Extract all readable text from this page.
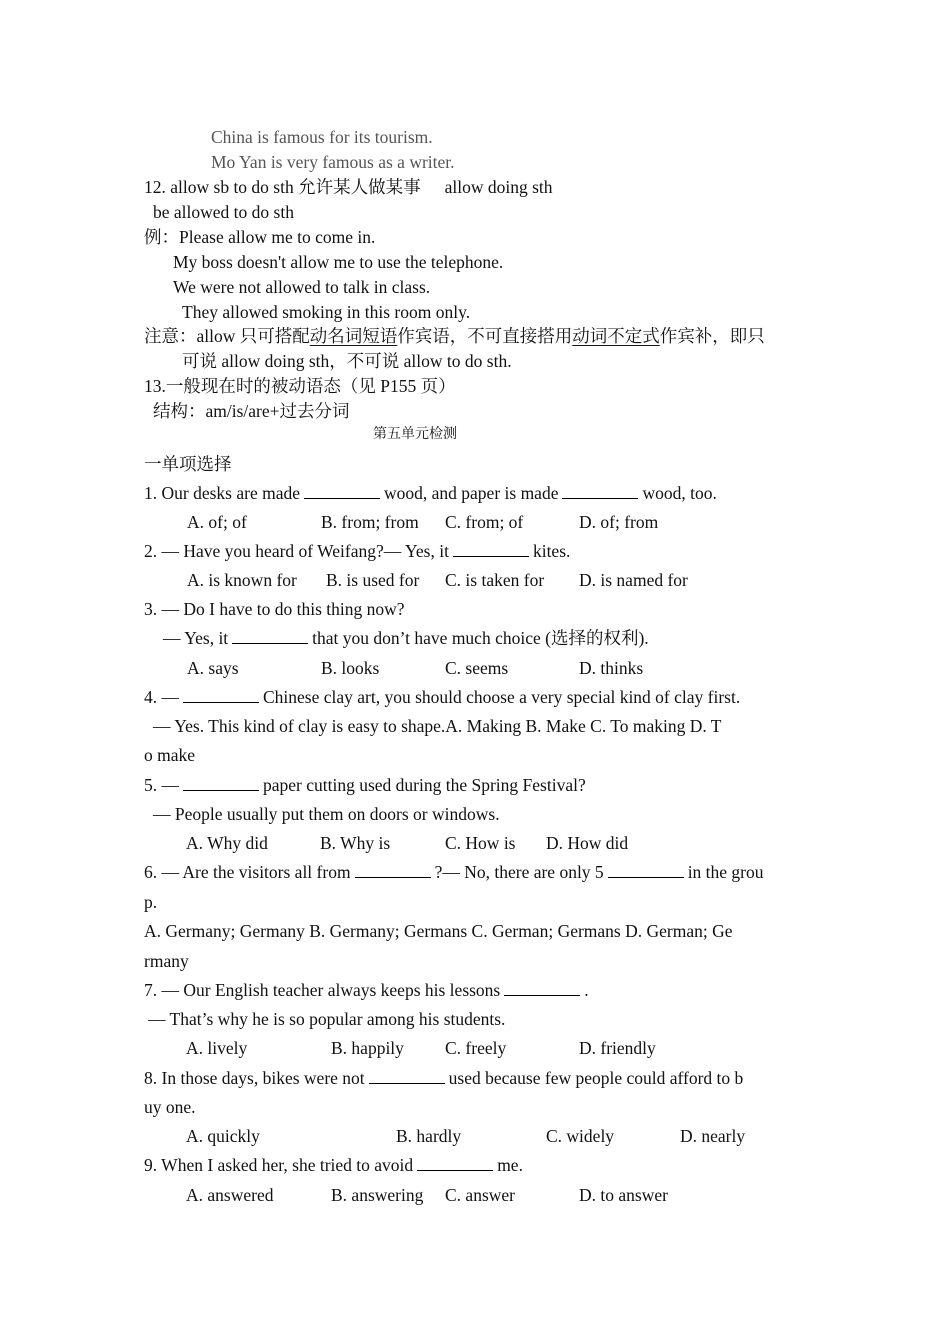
China is famous for its tourism.
Mo Yan is very famous as a writer.
12. allow sb to do sth 允许某人做某事 allow doing sth
be allowed to do sth
例：Please allow me to come in.
My boss doesn't allow me to use the telephone.
We were not allowed to talk in class.
They allowed smoking in this room only.
注意：allow 只可搭配动名词短语作宾语，不可直接搭用动词不定式作宾补，即只
可说 allow doing sth，不可说 allow to do sth.
13.一般现在时的被动语态（见 P155 页）
结构：am/is/are+过去分词
第五单元检测
一单项选择
1. Our desks are made	wood, and paper is made	wood, too.
A. of; of	B. from; from C. from; of	D. of; from
2. — Have you heard of Weifang?— Yes, it	kites.
A. is known for B. is used for C. is taken for D. is named for
3. — Do I have to do this thing now?
— Yes, it	that you don’t have much choice (选择的权利).
A. says	B. looks	C. seems	D. thinks
4. —	Chinese clay art, you should choose a very special kind of clay first.
— Yes. This kind of clay is easy to shape.A. Making B. Make C. To making D. T
o make
5. —	paper cutting used during the Spring Festival?
— People usually put them on doors or windows.
A. Why did	B. Why is	C. How is D. How did
6. — Are the visitors all from	?— No, there are only 5	in the grou
p.
A. Germany; Germany B. Germany; Germans C. German; Germans D. German; Ge
rmany
7. — Our English teacher always keeps his lessons	.
— That’s why he is so popular among his students.
A. lively	B. happily C. freely	D. friendly
8. In those days, bikes were not	used because few people could afford to b
uy one.
A. quickly	B. hardly	C. widely	D. nearly
9. When I asked her, she tried to avoid	me.
A. answered	B. answering C. answer	D. to answer
